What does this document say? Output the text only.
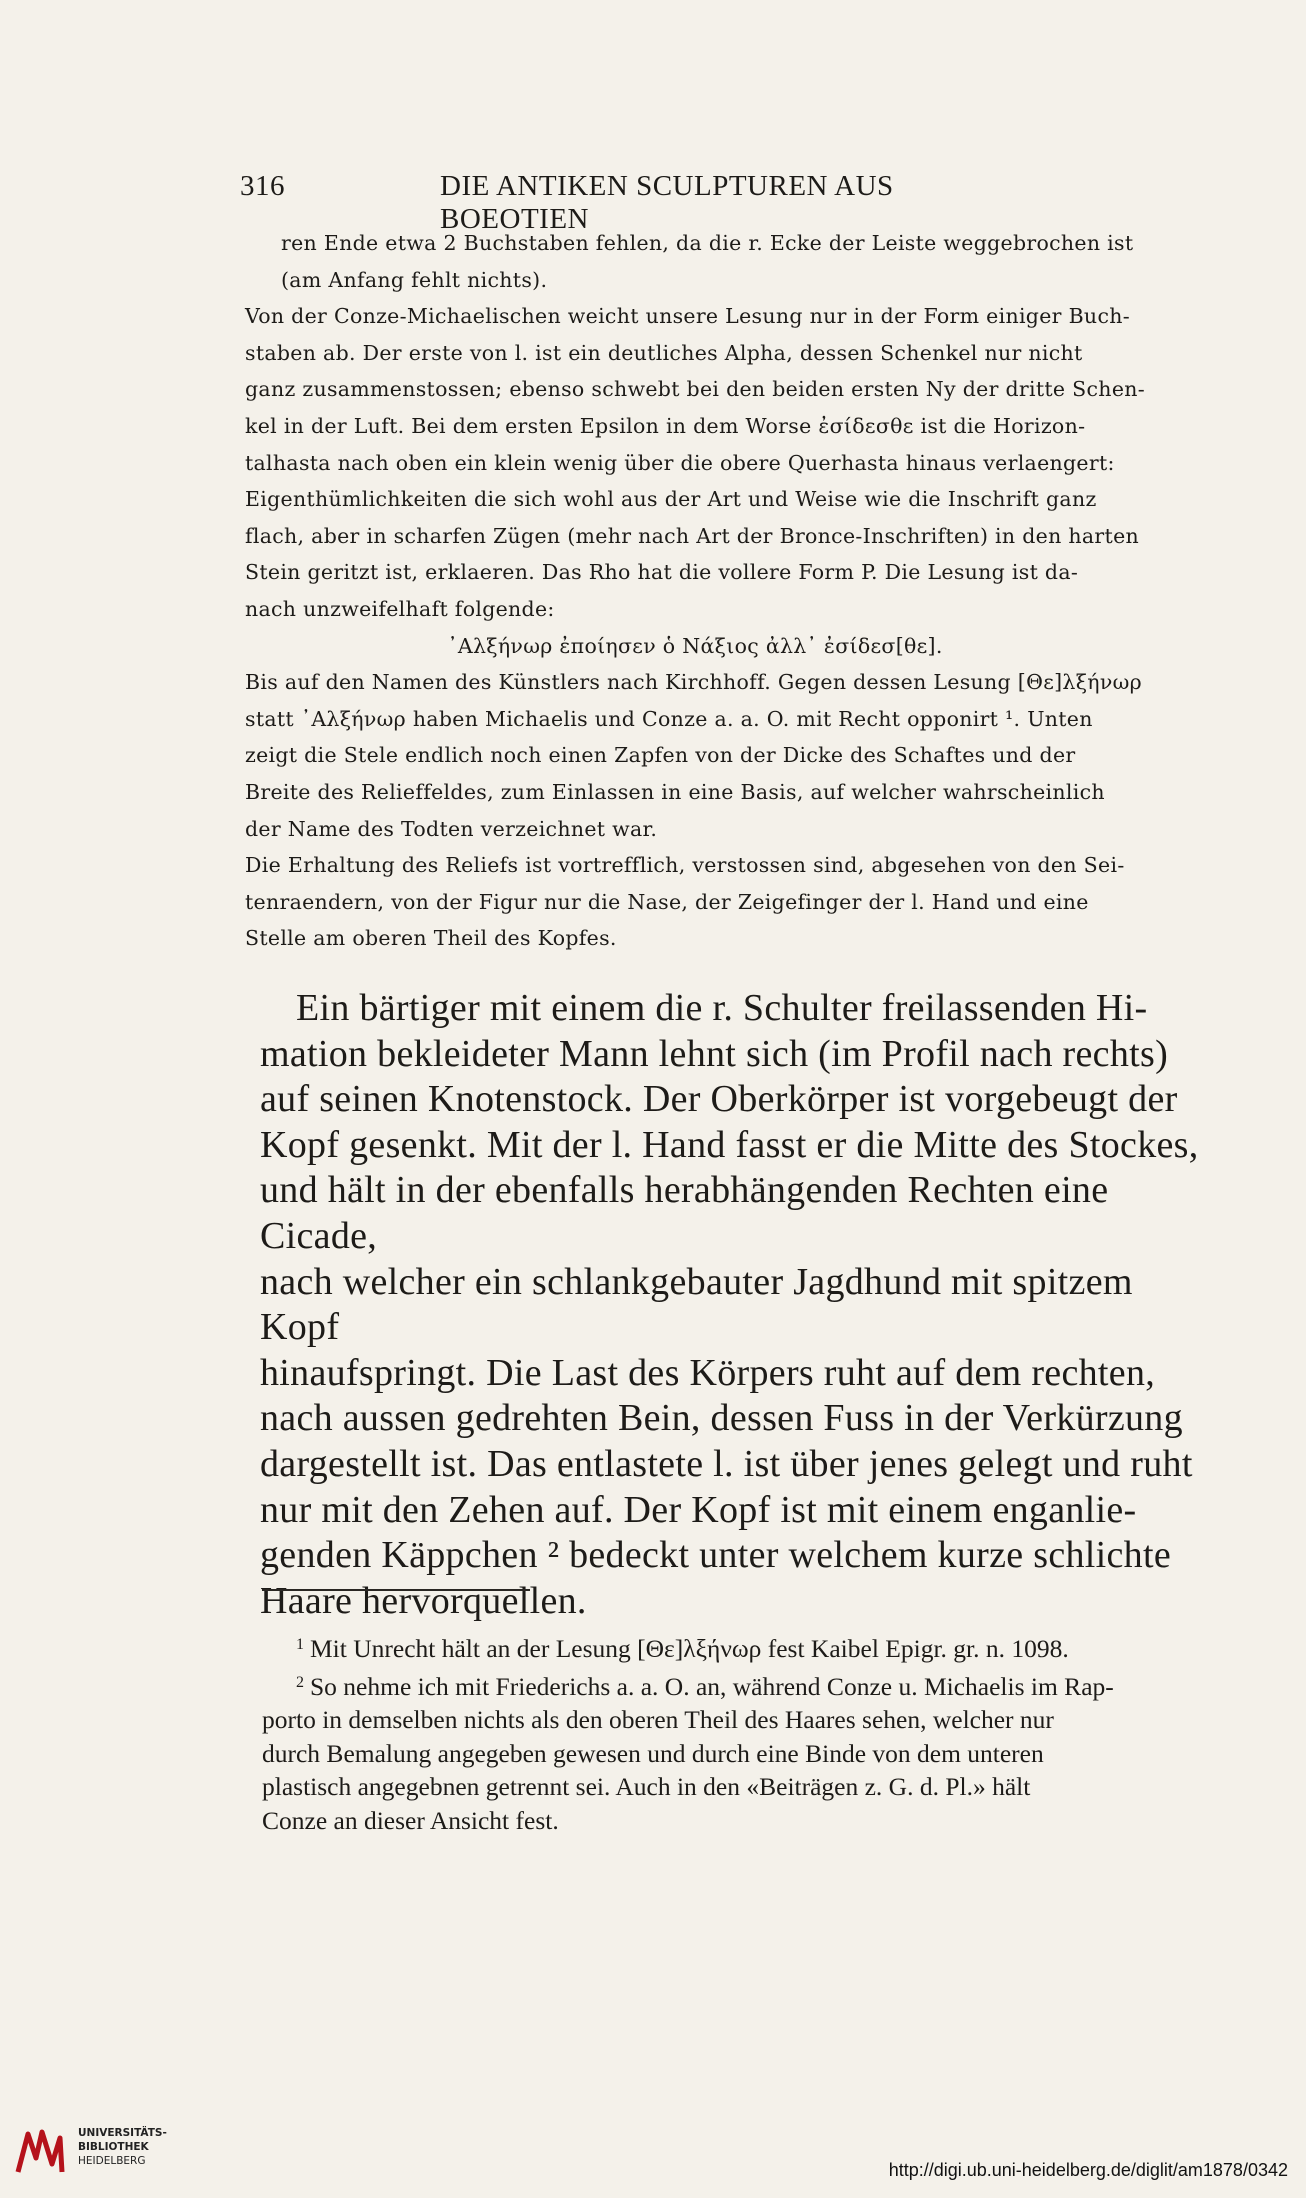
316	DIE ANTIKEN SCULPTUREN AUS BOEOTIEN

ren Ende etwa 2 Buchstaben fehlen, da die r. Ecke der Leiste weggebrochen ist

(am Anfang fehlt nichts).

Von der Conze-Michaelischen weicht unsere Lesung nur in der Form einiger Buch-

staben ab. Der erste von l. ist ein deutliches Alpha, dessen Schenkel nur nicht

ganz zusammenstossen; ebenso schwebt bei den beiden ersten Ny der dritte Schen-

kel in der Luft. Bei dem ersten Epsilon in dem Worse ἐσίδεσθε ist die Horizon-

talhasta nach oben ein klein wenig über die obere Querhasta hinaus verlaengert:

Eigenthümlichkeiten die sich wohl aus der Art und Weise wie die Inschrift ganz

flach, aber in scharfen Zügen (mehr nach Art der Bronce-Inschriften) in den harten

Stein geritzt ist, erklaeren. Das Rho hat die vollere Form P. Die Lesung ist da-

nach unzweifelhaft folgende:

᾿Αλξήνωρ ἐποίησεν ὁ Νάξιος ἀλλ᾿ ἐσίδεσ[θε].

Bis auf den Namen des Künstlers nach Kirchhoff. Gegen dessen Lesung [Θε]λξήνωρ

statt ᾿Αλξήνωρ haben Michaelis und Conze a. a. O. mit Recht opponirt ¹. Unten

zeigt die Stele endlich noch einen Zapfen von der Dicke des Schaftes und der

Breite des Relieffeldes, zum Einlassen in eine Basis, auf welcher wahrscheinlich

der Name des Todten verzeichnet war.

Die Erhaltung des Reliefs ist vortrefflich, verstossen sind, abgesehen von den Sei-

tenraendern, von der Figur nur die Nase, der Zeigefinger der l. Hand und eine

Stelle am oberen Theil des Kopfes.

Ein bärtiger mit einem die r. Schulter freilassenden Hi-

mation bekleideter Mann lehnt sich (im Profil nach rechts)
auf seinen Knotenstock. Der Oberkörper ist vorgebeugt der
Kopf gesenkt. Mit der l. Hand fasst er die Mitte des Stockes,
und hält in der ebenfalls herabhängenden Rechten eine Cicade,
nach welcher ein schlankgebauter Jagdhund mit spitzem Kopf
hinaufspringt. Die Last des Körpers ruht auf dem rechten,
nach aussen gedrehten Bein, dessen Fuss in der Verkürzung
dargestellt ist. Das entlastete l. ist über jenes gelegt und ruht
nur mit den Zehen auf. Der Kopf ist mit einem enganlie-
genden Käppchen ² bedeckt unter welchem kurze schlichte
Haare hervorquellen.

$^1$ Mit Unrecht hält an der Lesung [Θε]λξήνωρ fest Kaibel Epigr. gr. n. 1098.

$^2$ So nehme ich mit Friederichs a. a. O. an, während Conze u. Michaelis im Rap-

porto in demselben nichts als den oberen Theil des Haares sehen, welcher nur
durch Bemalung angegeben gewesen und durch eine Binde von dem unteren
plastisch angegebnen getrennt sei. Auch in den «Beiträgen z. G. d. Pl.» hält
Conze an dieser Ansicht fest.
UNIVERSITÄTS-
BIBLIOTHEK
HEIDELBERG	http://digi.ub.uni-heidelberg.de/diglit/am1878/0342
